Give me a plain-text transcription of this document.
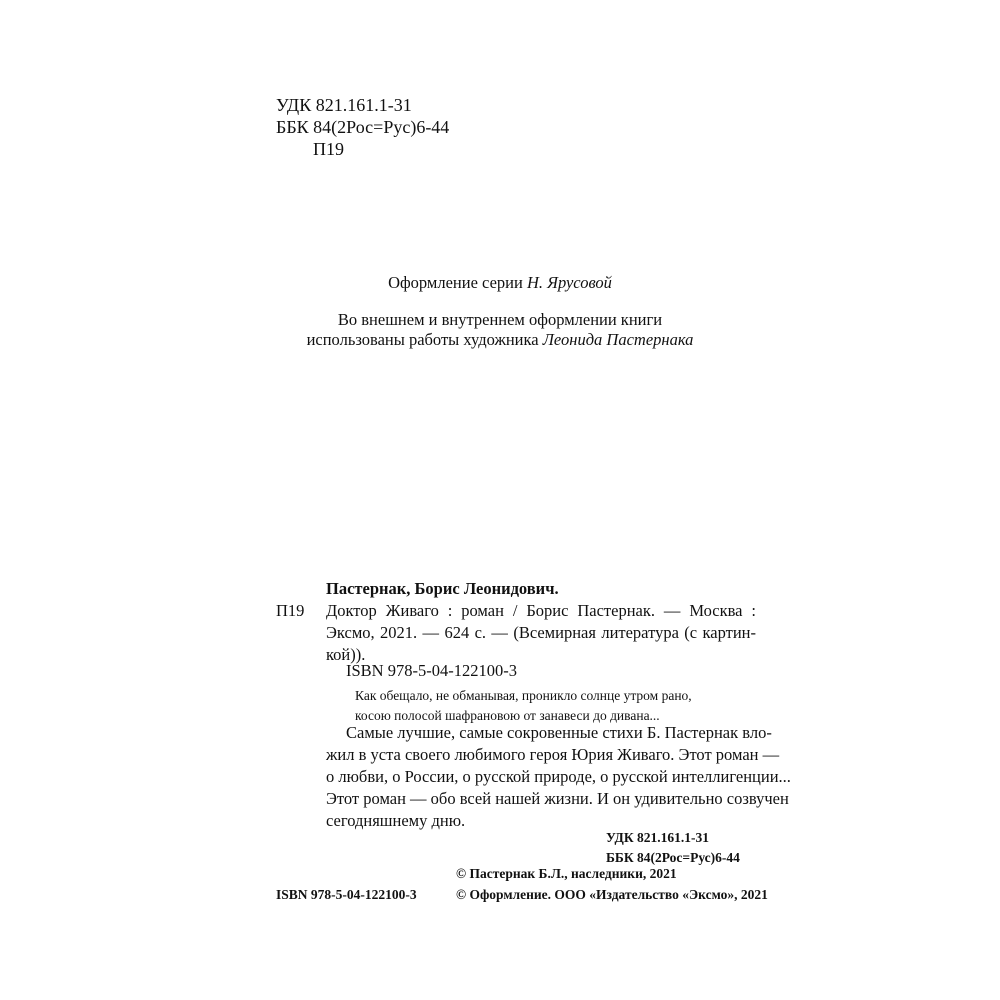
УДК 821.161.1-31
ББК 84(2Рос=Рус)6-44
П19
Оформление серии Н. Ярусовой
Во внешнем и внутреннем оформлении книги
использованы работы художника Леонида Пастернака
Пастернак, Борис Леонидович.
П19 Доктор Живаго : роман / Борис Пастернак. — Москва :
Эксмо, 2021. — 624 с. — (Всемирная литература (с картин-
кой)).
ISBN 978-5-04-122100-3
Как обещало, не обманывая, проникло солнце утром рано,
косою полосой шафрановою от занавеси до дивана...
Самые лучшие, самые сокровенные стихи Б. Пастернак вло-
жил в уста своего любимого героя Юрия Живаго. Этот роман —
о любви, о России, о русской природе, о русской интеллигенции...
Этот роман — обо всей нашей жизни. И он удивительно созвучен
сегодняшнему дню.
УДК 821.161.1-31
ББК 84(2Рос=Рус)6-44
© Пастернак Б.Л., наследники, 2021
© Оформление. ООО «Издательство «Эксмо», 2021
ISBN 978-5-04-122100-3
